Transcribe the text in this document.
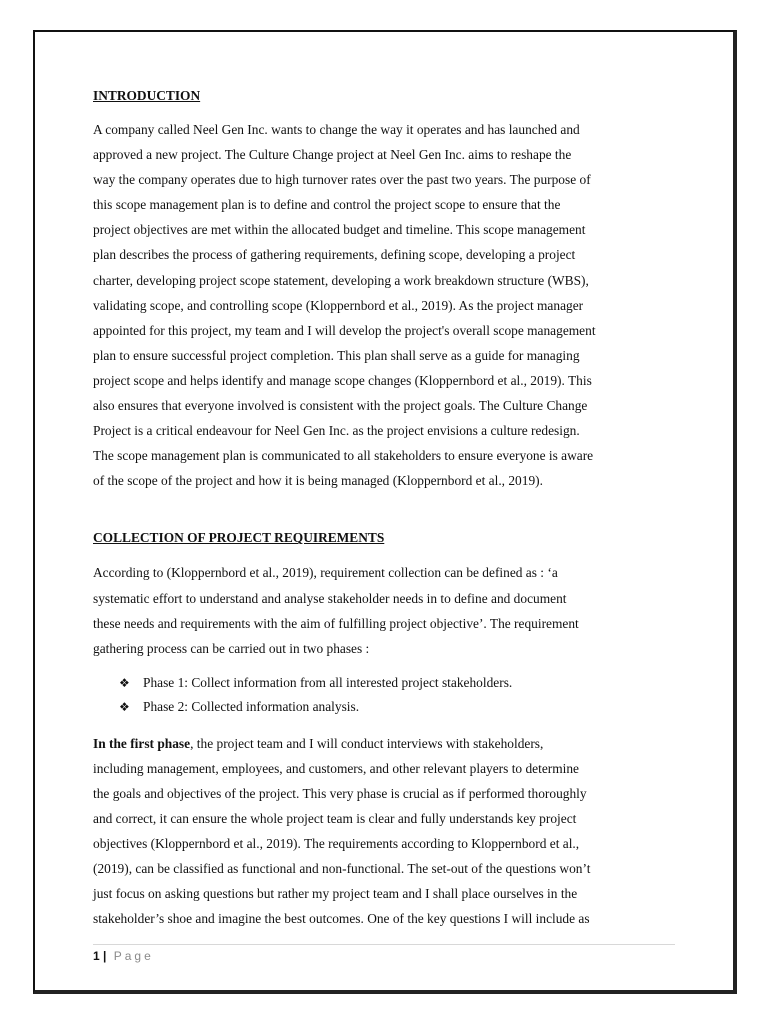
INTRODUCTION

A company called Neel Gen Inc. wants to change the way it operates and has launched and
approved a new project. The Culture Change project at Neel Gen Inc. aims to reshape the
way the company operates due to high turnover rates over the past two years. The purpose of
this scope management plan is to define and control the project scope to ensure that the
project objectives are met within the allocated budget and timeline. This scope management
plan describes the process of gathering requirements, defining scope, developing a project
charter, developing project scope statement, developing a work breakdown structure (WBS),
validating scope, and controlling scope (Kloppernbord et al., 2019). As the project manager
appointed for this project, my team and I will develop the project's overall scope management
plan to ensure successful project completion. This plan shall serve as a guide for managing
project scope and helps identify and manage scope changes (Kloppernbord et al., 2019). This
also ensures that everyone involved is consistent with the project goals. The Culture Change
Project is a critical endeavour for Neel Gen Inc. as the project envisions a culture redesign.
The scope management plan is communicated to all stakeholders to ensure everyone is aware
of the scope of the project and how it is being managed (Kloppernbord et al., 2019).

COLLECTION OF PROJECT REQUIREMENTS

According to (Kloppernbord et al., 2019), requirement collection can be defined as : ‘a
systematic effort to understand and analyse stakeholder needs in to define and document
these needs and requirements with the aim of fulfilling project objective’. The requirement
gathering process can be carried out in two phases :

❖ Phase 1: Collect information from all interested project stakeholders.
❖ Phase 2: Collected information analysis.

In the first phase, the project team and I will conduct interviews with stakeholders,
including management, employees, and customers, and other relevant players to determine
the goals and objectives of the project. This very phase is crucial as if performed thoroughly
and correct, it can ensure the whole project team is clear and fully understands key project
objectives (Kloppernbord et al., 2019). The requirements according to Kloppernbord et al.,
(2019), can be classified as functional and non-functional. The set-out of the questions won’t
just focus on asking questions but rather my project team and I shall place ourselves in the
stakeholder’s shoe and imagine the best outcomes. One of the key questions I will include as

1 | Page
